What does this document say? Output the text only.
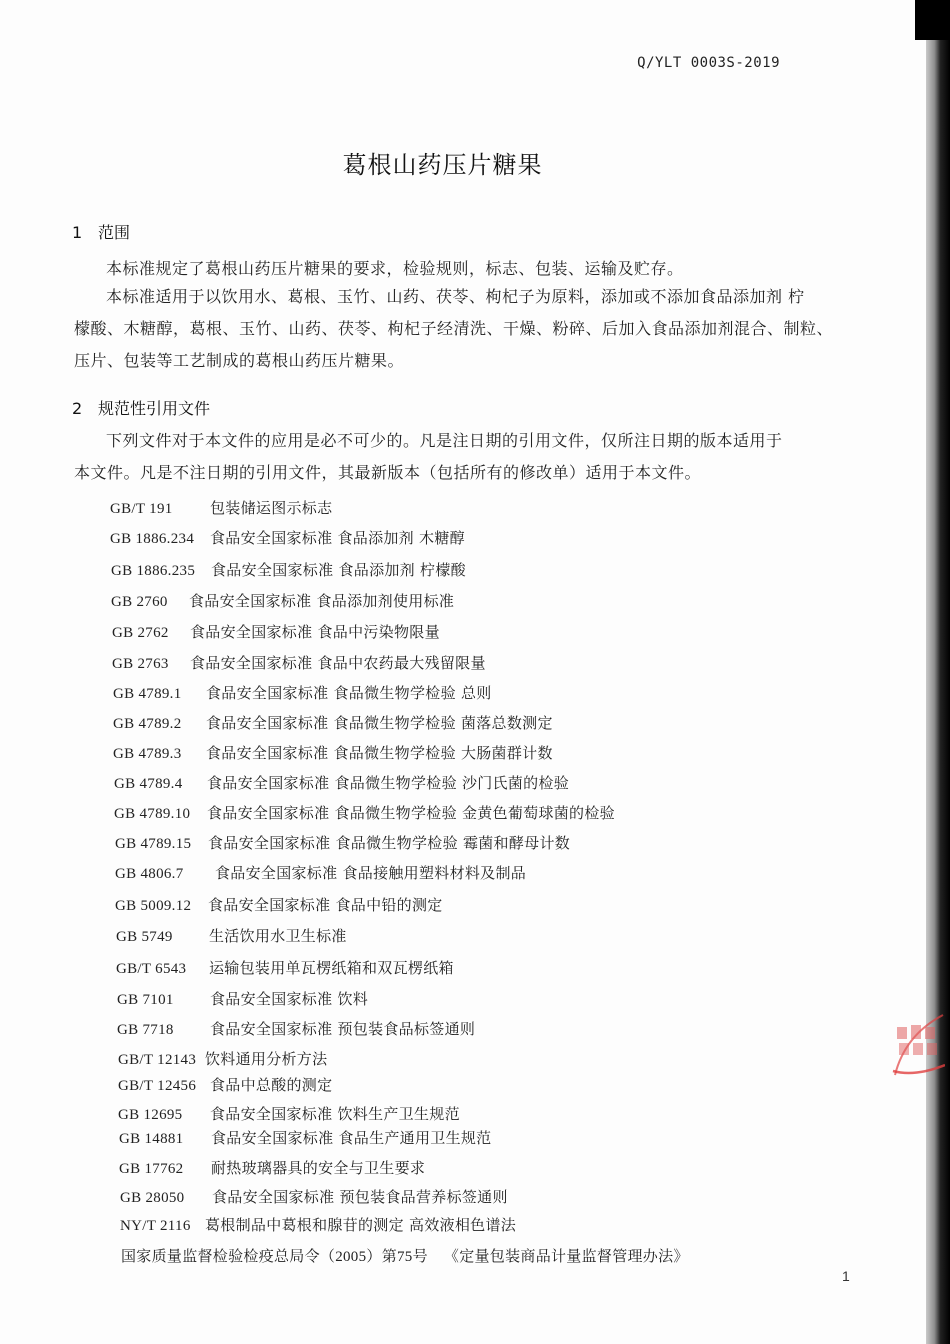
Q/YLT 0003S-2019
葛根山药压片糖果
1 范围
本标准规定了葛根山药压片糖果的要求，检验规则，标志、包装、运输及贮存。
本标准适用于以饮用水、葛根、玉竹、山药、茯苓、枸杞子为原料，添加或不添加食品添加剂 柠
檬酸、木糖醇，葛根、玉竹、山药、茯苓、枸杞子经清洗、干燥、粉碎、后加入食品添加剂混合、制粒、
压片、包装等工艺制成的葛根山药压片糖果。
2 规范性引用文件
下列文件对于本文件的应用是必不可少的。凡是注日期的引用文件，仅所注日期的版本适用于
本文件。凡是不注日期的引用文件，其最新版本（包括所有的修改单）适用于本文件。
GB/T 191 包装储运图示标志
GB 1886.234 食品安全国家标准 食品添加剂 木糖醇
GB 1886.235 食品安全国家标准 食品添加剂 柠檬酸
GB 2760 食品安全国家标准 食品添加剂使用标准
GB 2762 食品安全国家标准 食品中污染物限量
GB 2763 食品安全国家标准 食品中农药最大残留限量
GB 4789.1 食品安全国家标准 食品微生物学检验 总则
GB 4789.2 食品安全国家标准 食品微生物学检验 菌落总数测定
GB 4789.3 食品安全国家标准 食品微生物学检验 大肠菌群计数
GB 4789.4 食品安全国家标准 食品微生物学检验 沙门氏菌的检验
GB 4789.10 食品安全国家标准 食品微生物学检验 金黄色葡萄球菌的检验
GB 4789.15 食品安全国家标准 食品微生物学检验 霉菌和酵母计数
GB 4806.7 食品安全国家标准 食品接触用塑料材料及制品
GB 5009.12 食品安全国家标准 食品中铅的测定
GB 5749 生活饮用水卫生标准
GB/T 6543 运输包装用单瓦楞纸箱和双瓦楞纸箱
GB 7101 食品安全国家标准 饮料
GB 7718 食品安全国家标准 预包装食品标签通则
GB/T 12143 饮料通用分析方法
GB/T 12456 食品中总酸的测定
GB 12695 食品安全国家标准 饮料生产卫生规范
GB 14881 食品安全国家标准 食品生产通用卫生规范
GB 17762 耐热玻璃器具的安全与卫生要求
GB 28050 食品安全国家标准 预包装食品营养标签通则
NY/T 2116 葛根制品中葛根和腺苷的测定 高效液相色谱法
国家质量监督检验检疫总局令（2005）第75号 《定量包装商品计量监督管理办法》
1
